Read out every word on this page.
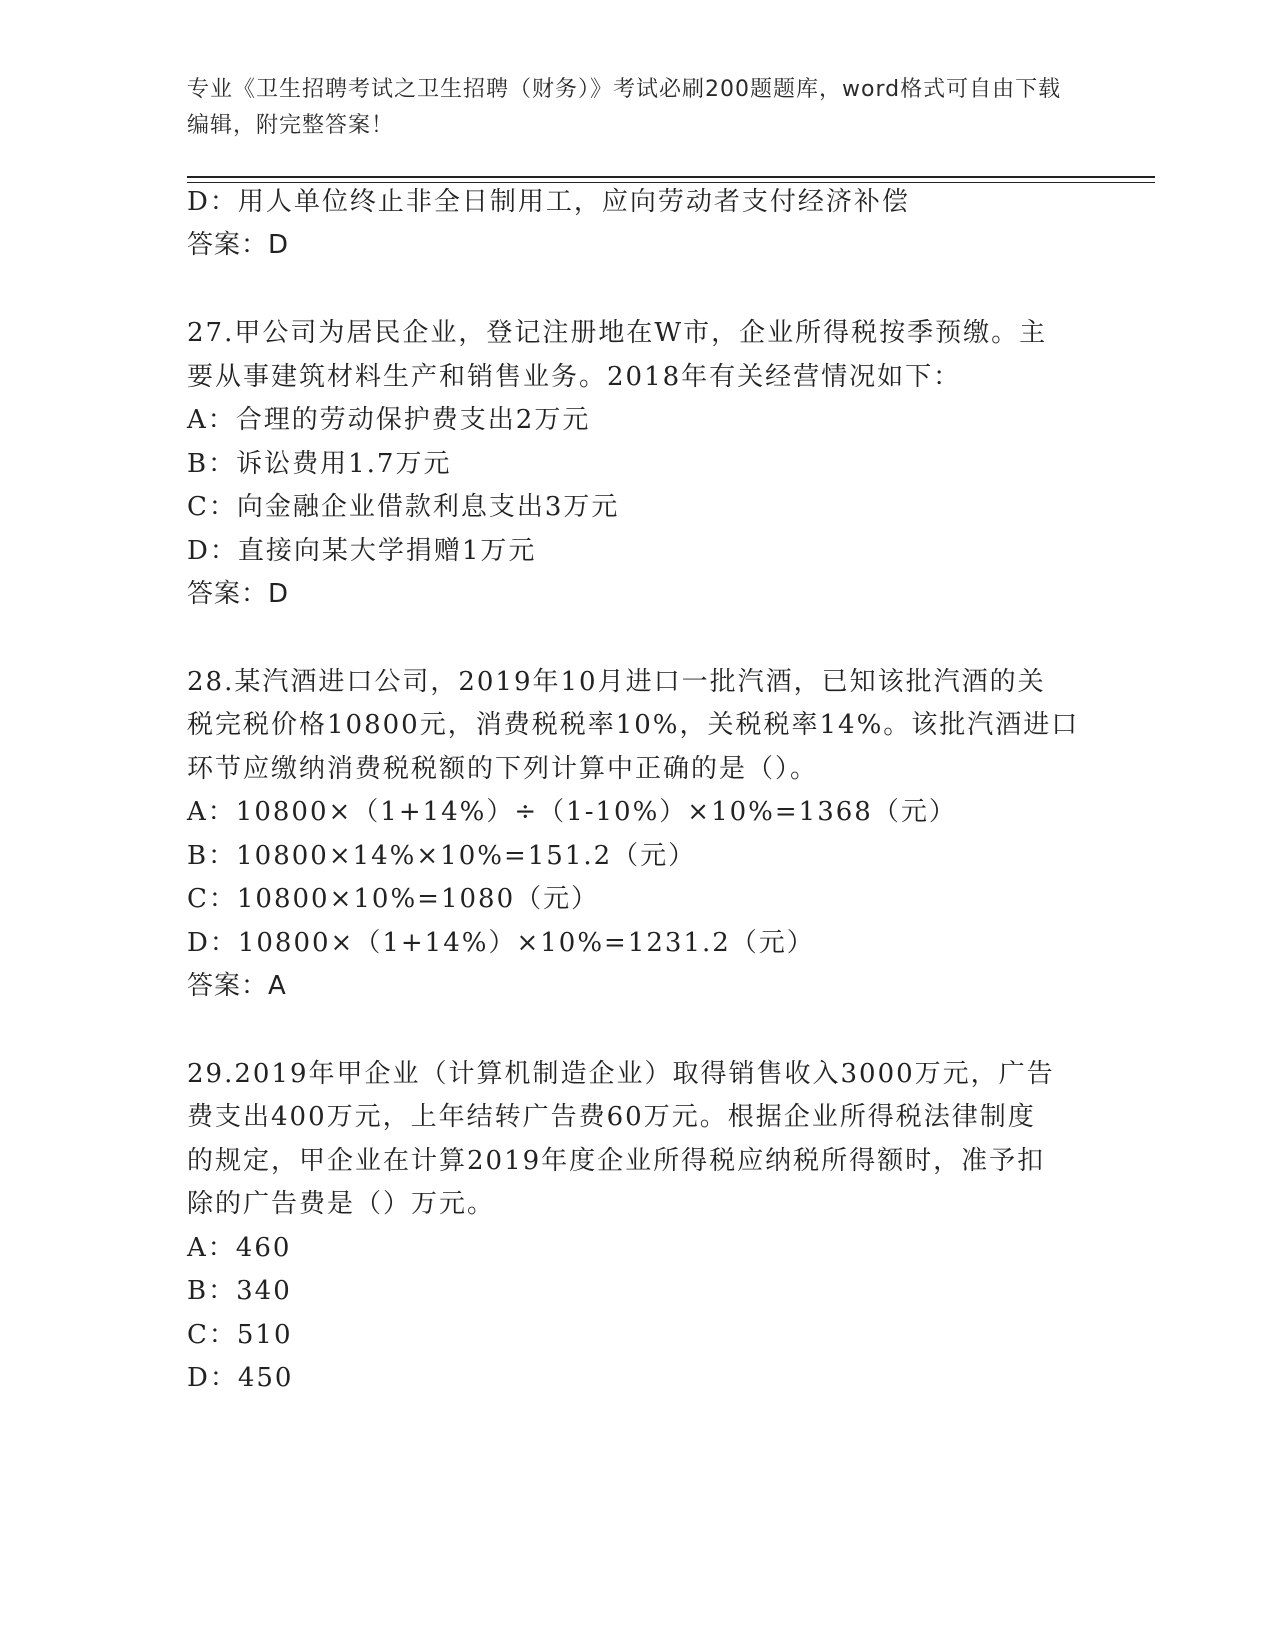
专业《卫生招聘考试之卫生招聘（财务）》考试必刷200题题库，word格式可自由下载编辑，附完整答案！
D：用人单位终止非全日制用工，应向劳动者支付经济补偿
答案：D
27.甲公司为居民企业，登记注册地在W市，企业所得税按季预缴。主
要从事建筑材料生产和销售业务。2018年有关经营情况如下：
A：合理的劳动保护费支出2万元
B：诉讼费用1.7万元
C：向金融企业借款利息支出3万元
D：直接向某大学捐赠1万元
答案：D
28.某汽酒进口公司，2019年10月进口一批汽酒，已知该批汽酒的关
税完税价格10800元，消费税税率10%，关税税率14%。该批汽酒进口
环节应缴纳消费税税额的下列计算中正确的是（）。
A：10800×（1+14%）÷（1-10%）×10%=1368（元）
B：10800×14%×10%=151.2（元）
C：10800×10%=1080（元）
D：10800×（1+14%）×10%=1231.2（元）
答案：A
29.2019年甲企业（计算机制造企业）取得销售收入3000万元，广告
费支出400万元，上年结转广告费60万元。根据企业所得税法律制度
的规定，甲企业在计算2019年度企业所得税应纳税所得额时，准予扣
除的广告费是（）万元。
A：460
B：340
C：510
D：450
